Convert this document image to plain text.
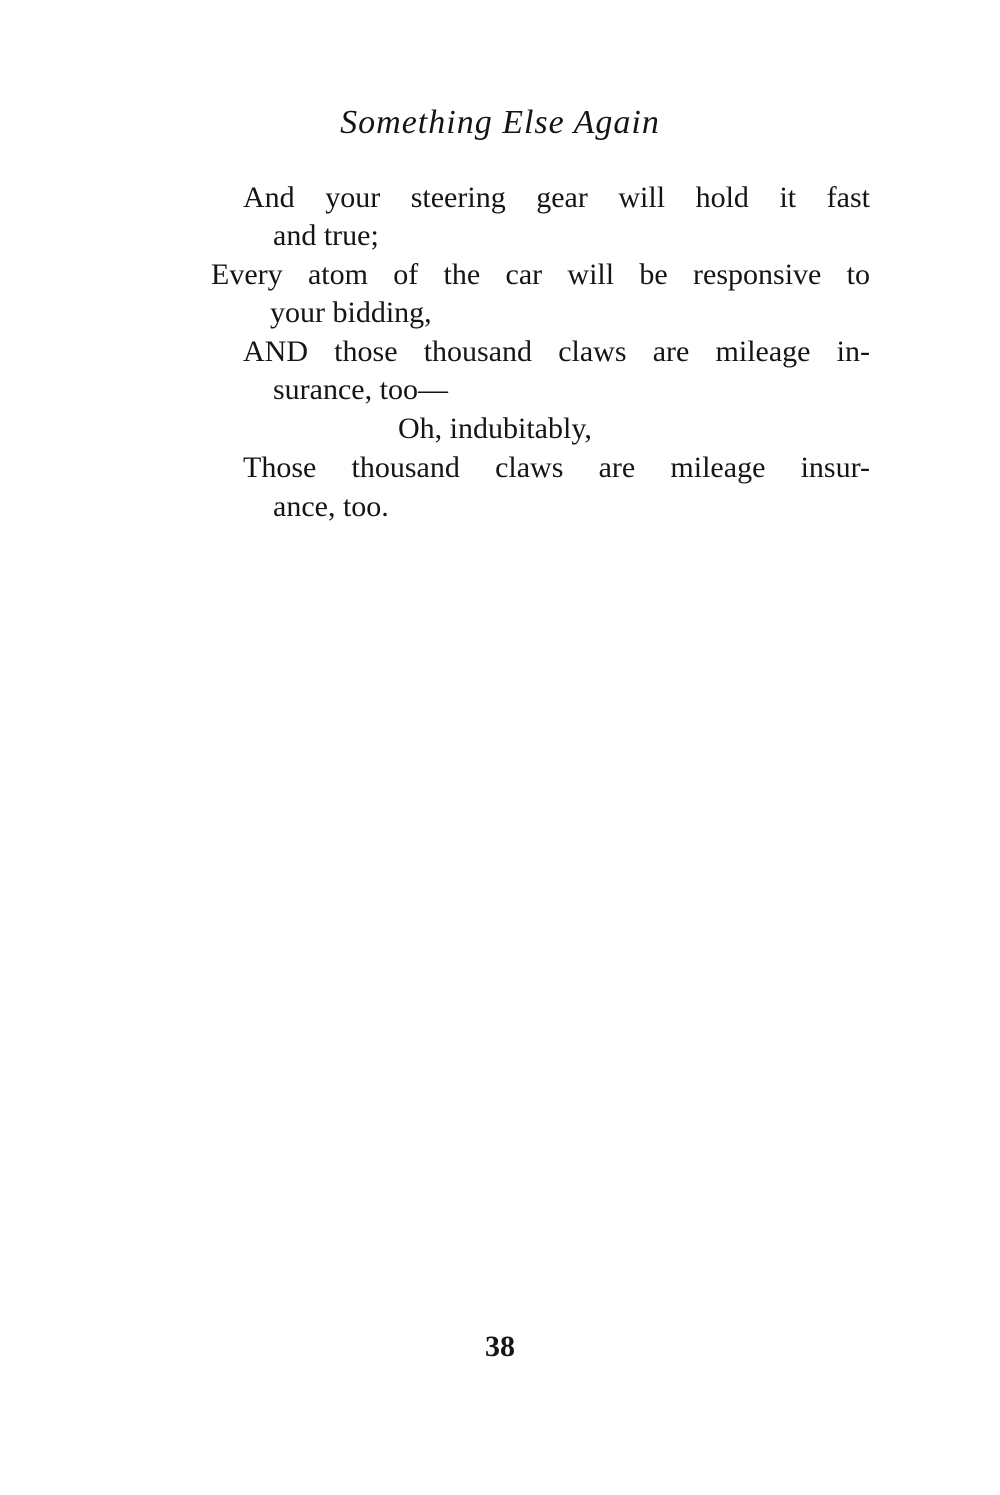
Something Else Again
And your steering gear will hold it fast
and true;
Every atom of the car will be responsive to
your bidding,
AND those thousand claws are mileage in-
surance, too—
Oh, indubitably,
Those thousand claws are mileage insur-
ance, too.
38
